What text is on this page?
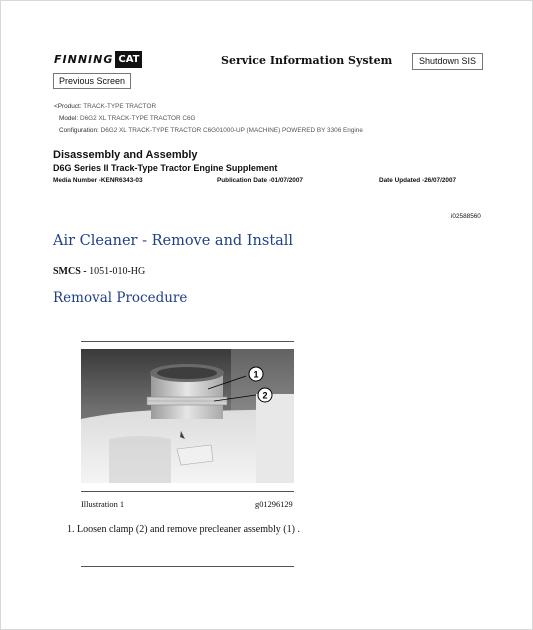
FINNING CAT
Previous Screen
Service Information System	Shutdown SIS
<Product: TRACK-TYPE TRACTOR
Model: D6G2 XL TRACK-TYPE TRACTOR C6G
Configuration: D6G2 XL TRACK-TYPE TRACTOR C6G01000-UP (MACHINE) POWERED BY 3306 Engine
Disassembly and Assembly
D6G Series II Track-Type Tractor Engine Supplement
Media Number -KENR6343-03	Publication Date -01/07/2007	Date Updated -26/07/2007
i02588560
Air Cleaner - Remove and Install
SMCS - 1051-010-HG
Removal Procedure
1
2
Illustration 1	g01296129
1. Loosen clamp (2) and remove precleaner assembly (1) .
